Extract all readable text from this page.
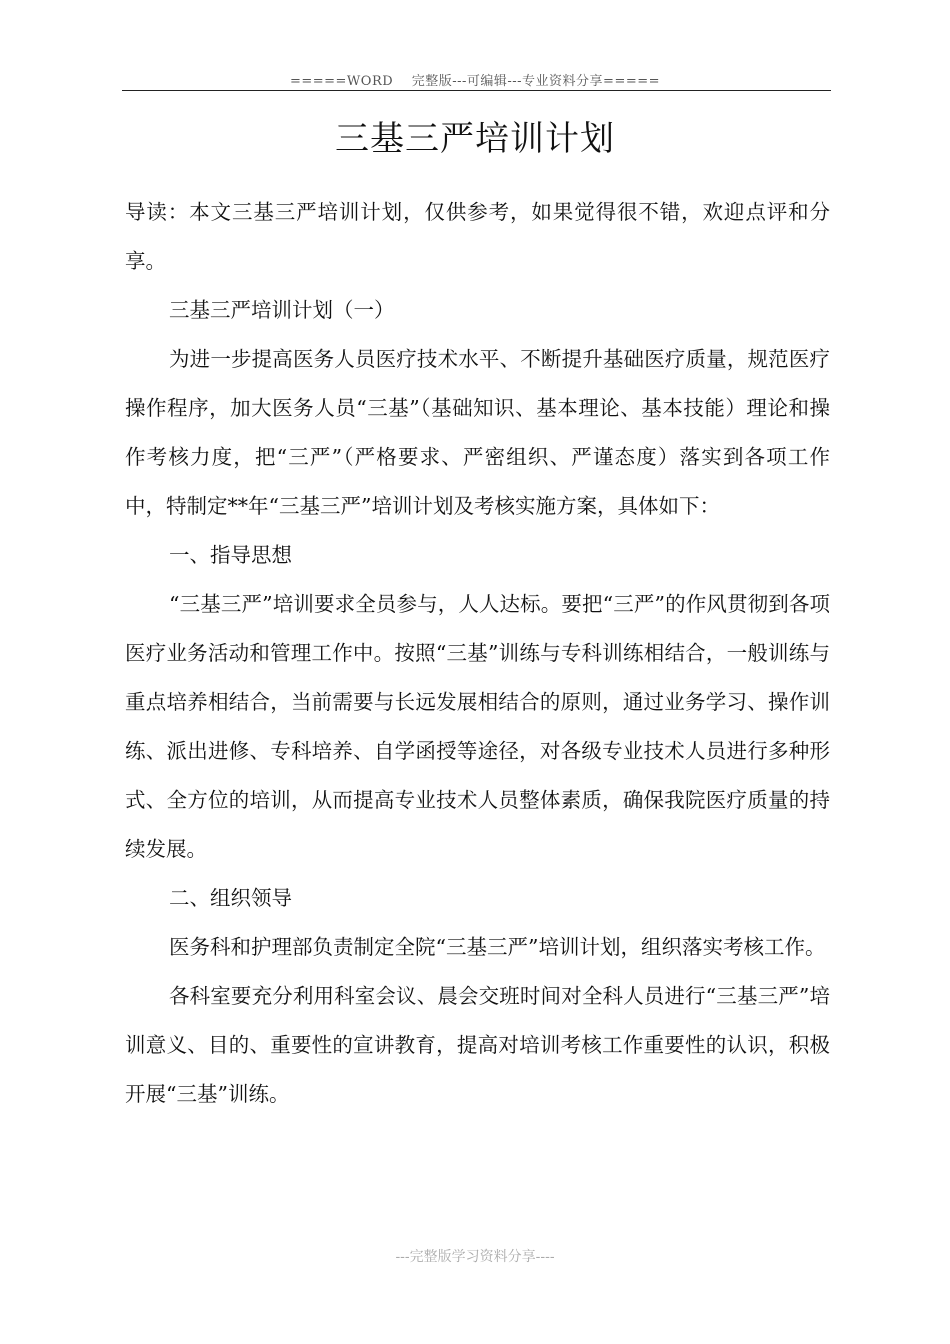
=====WORD    完整版---可编辑---专业资料分享=====
三基三严培训计划

导读：本文三基三严培训计划，仅供参考，如果觉得很不错，欢迎点评和分享。

三基三严培训计划（一）

为进一步提高医务人员医疗技术水平、不断提升基础医疗质量，规范医疗操作程序，加大医务人员“三基”（基础知识、基本理论、基本技能）理论和操作考核力度，把“三严”（严格要求、严密组织、严谨态度）落实到各项工作中，特制定**年“三基三严”培训计划及考核实施方案，具体如下：

一、指导思想

“三基三严”培训要求全员参与，人人达标。要把“三严”的作风贯彻到各项医疗业务活动和管理工作中。按照“三基”训练与专科训练相结合，一般训练与重点培养相结合，当前需要与长远发展相结合的原则，通过业务学习、操作训练、派出进修、专科培养、自学函授等途径，对各级专业技术人员进行多种形式、全方位的培训，从而提高专业技术人员整体素质，确保我院医疗质量的持续发展。

二、组织领导

医务科和护理部负责制定全院“三基三严”培训计划，组织落实考核工作。

各科室要充分利用科室会议、晨会交班时间对全科人员进行“三基三严”培训意义、目的、重要性的宣讲教育，提高对培训考核工作重要性的认识，积极开展“三基”训练。

---完整版学习资料分享----
